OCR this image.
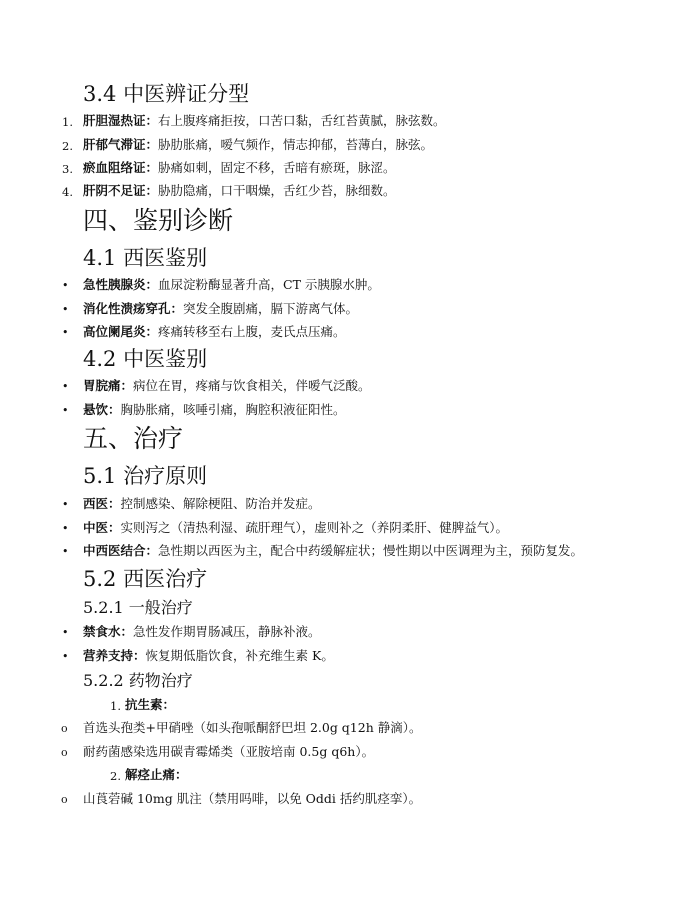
3.4 中医辨证分型
1. 肝胆湿热证：右上腹疼痛拒按，口苦口黏，舌红苔黄腻，脉弦数。
2. 肝郁气滞证：胁肋胀痛，嗳气频作，情志抑郁，苔薄白，脉弦。
3. 瘀血阻络证：胁痛如刺，固定不移，舌暗有瘀斑，脉涩。
4. 肝阴不足证：胁肋隐痛，口干咽燥，舌红少苔，脉细数。
四、鉴别诊断
4.1 西医鉴别
• 急性胰腺炎：血尿淀粉酶显著升高，CT 示胰腺水肿。
• 消化性溃疡穿孔：突发全腹剧痛，膈下游离气体。
• 高位阑尾炎：疼痛转移至右上腹，麦氏点压痛。
4.2 中医鉴别
• 胃脘痛：病位在胃，疼痛与饮食相关，伴嗳气泛酸。
• 悬饮：胸胁胀痛，咳唾引痛，胸腔积液征阳性。
五、治疗
5.1 治疗原则
• 西医：控制感染、解除梗阻、防治并发症。
• 中医：实则泻之（清热利湿、疏肝理气），虚则补之（养阴柔肝、健脾益气）。
• 中西医结合：急性期以西医为主，配合中药缓解症状；慢性期以中医调理为主，预防复发。
5.2 西医治疗
5.2.1 一般治疗
• 禁食水：急性发作期胃肠减压，静脉补液。
• 营养支持：恢复期低脂饮食，补充维生素 K。
5.2.2 药物治疗
1. 抗生素：
o 首选头孢类+甲硝唑（如头孢哌酮舒巴坦 2.0g q12h 静滴）。
o 耐药菌感染选用碳青霉烯类（亚胺培南 0.5g q6h）。
2. 解痉止痛：
o 山莨菪碱 10mg 肌注（禁用吗啡，以免 Oddi 括约肌痉挛）。
